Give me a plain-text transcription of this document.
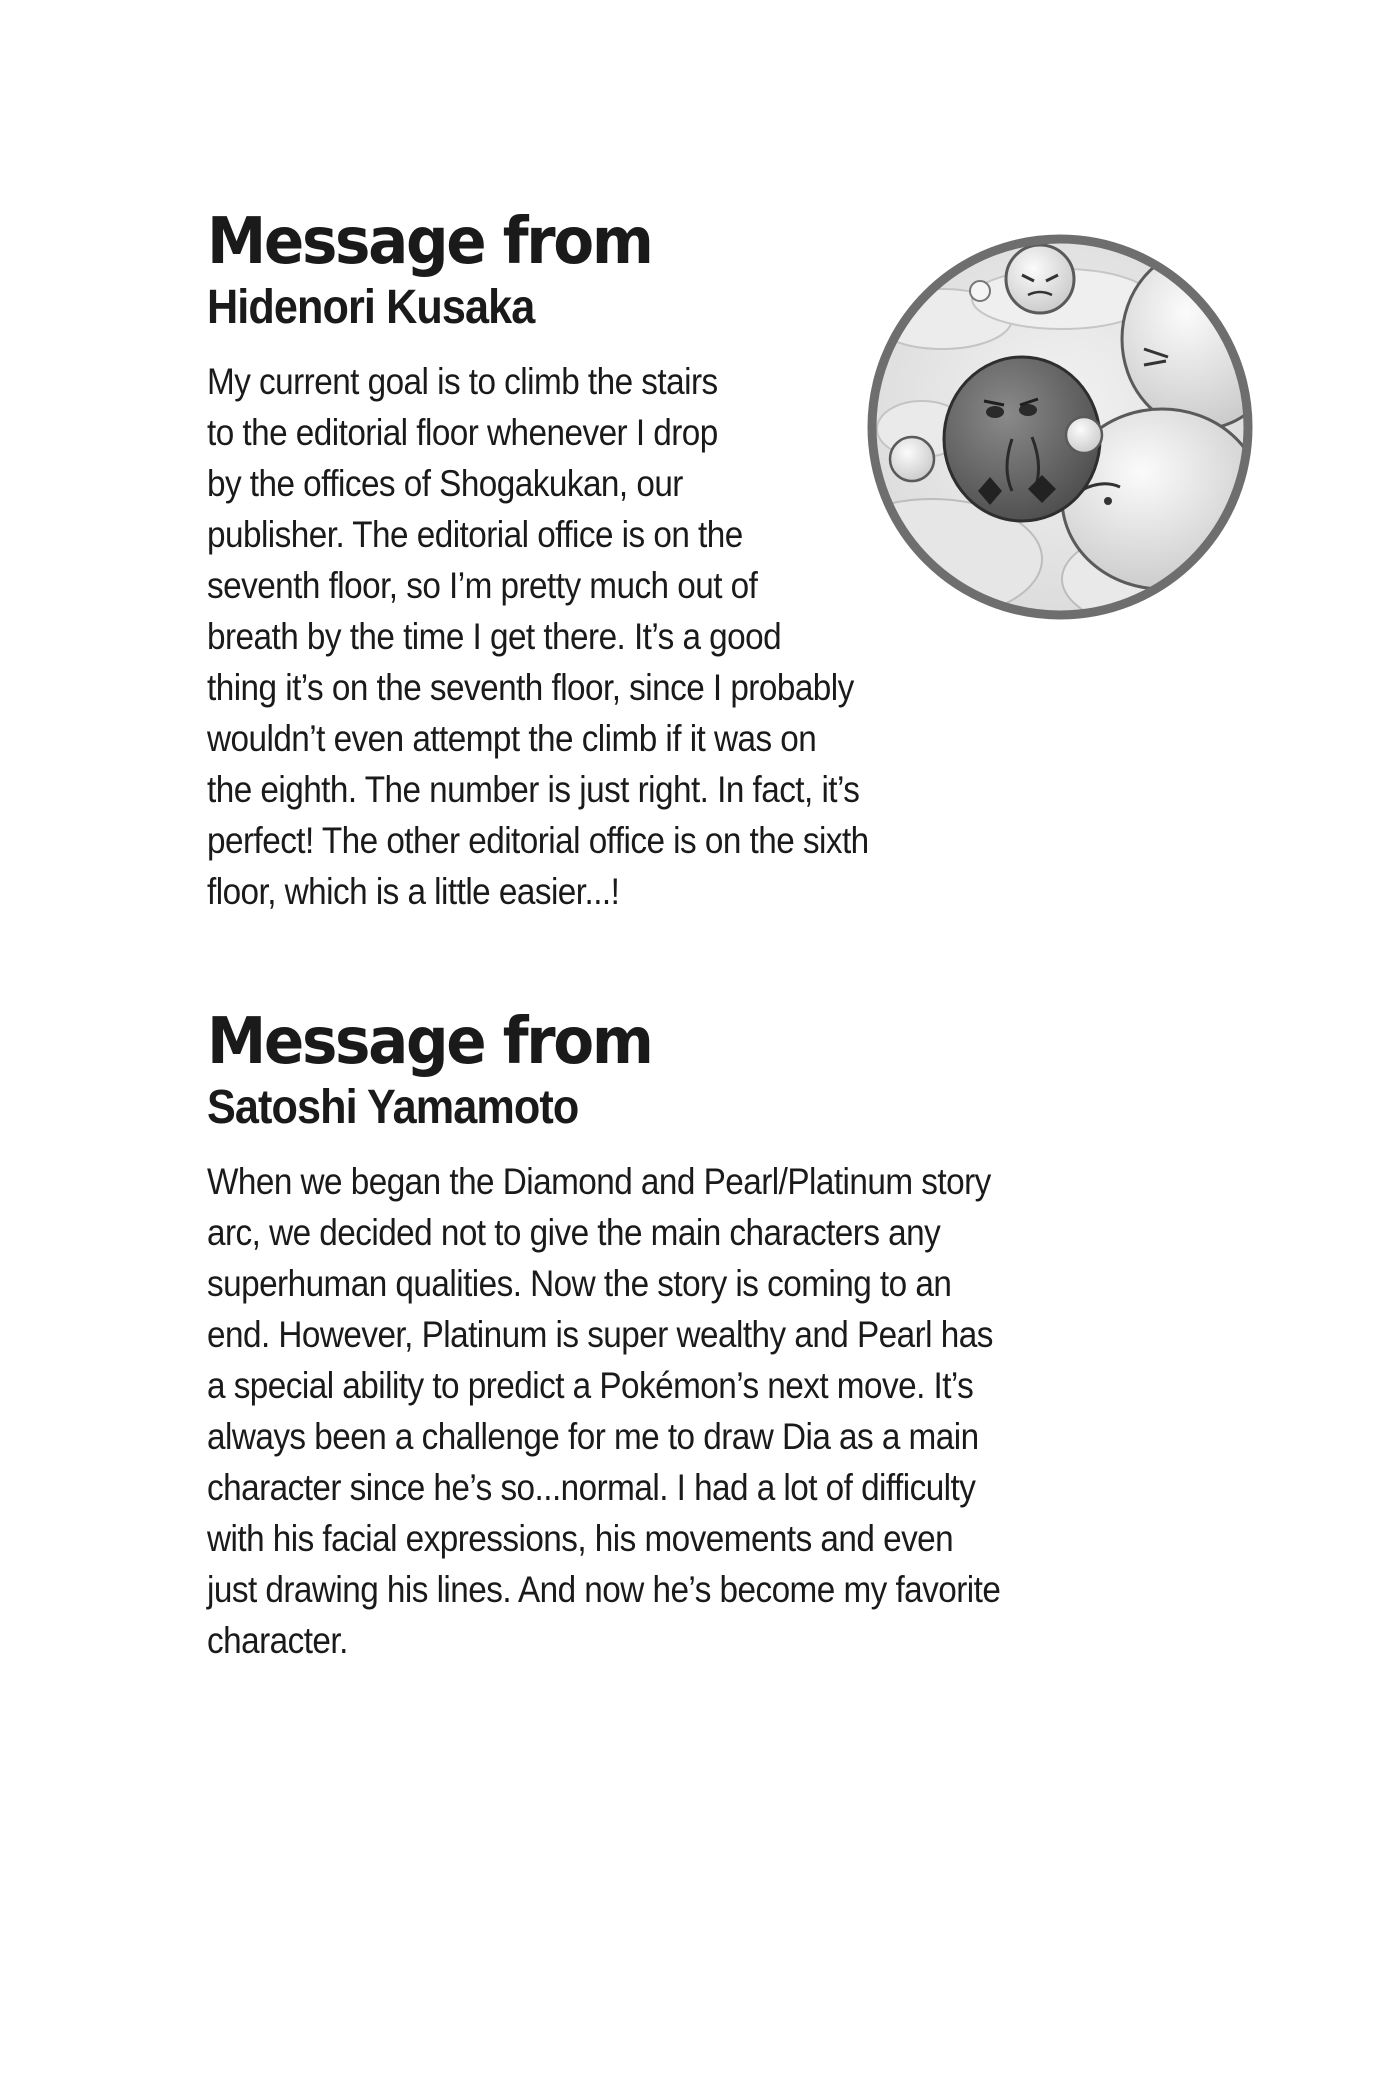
Message from
Hidenori Kusaka
My current goal is to climb the stairs
to the editorial floor whenever I drop
by the offices of Shogakukan, our
publisher. The editorial office is on the
seventh floor, so I’m pretty much out of
breath by the time I get there. It’s a good
thing it’s on the seventh floor, since I probably
wouldn’t even attempt the climb if it was on
the eighth. The number is just right. In fact, it’s
perfect! The other editorial office is on the sixth
floor, which is a little easier...!
Message from
Satoshi Yamamoto
When we began the Diamond and Pearl/Platinum story
arc, we decided not to give the main characters any
superhuman qualities. Now the story is coming to an
end. However, Platinum is super wealthy and Pearl has
a special ability to predict a Pokémon’s next move. It’s
always been a challenge for me to draw Dia as a main
character since he’s so...normal. I had a lot of difficulty
with his facial expressions, his movements and even
just drawing his lines. And now he’s become my favorite
character.
